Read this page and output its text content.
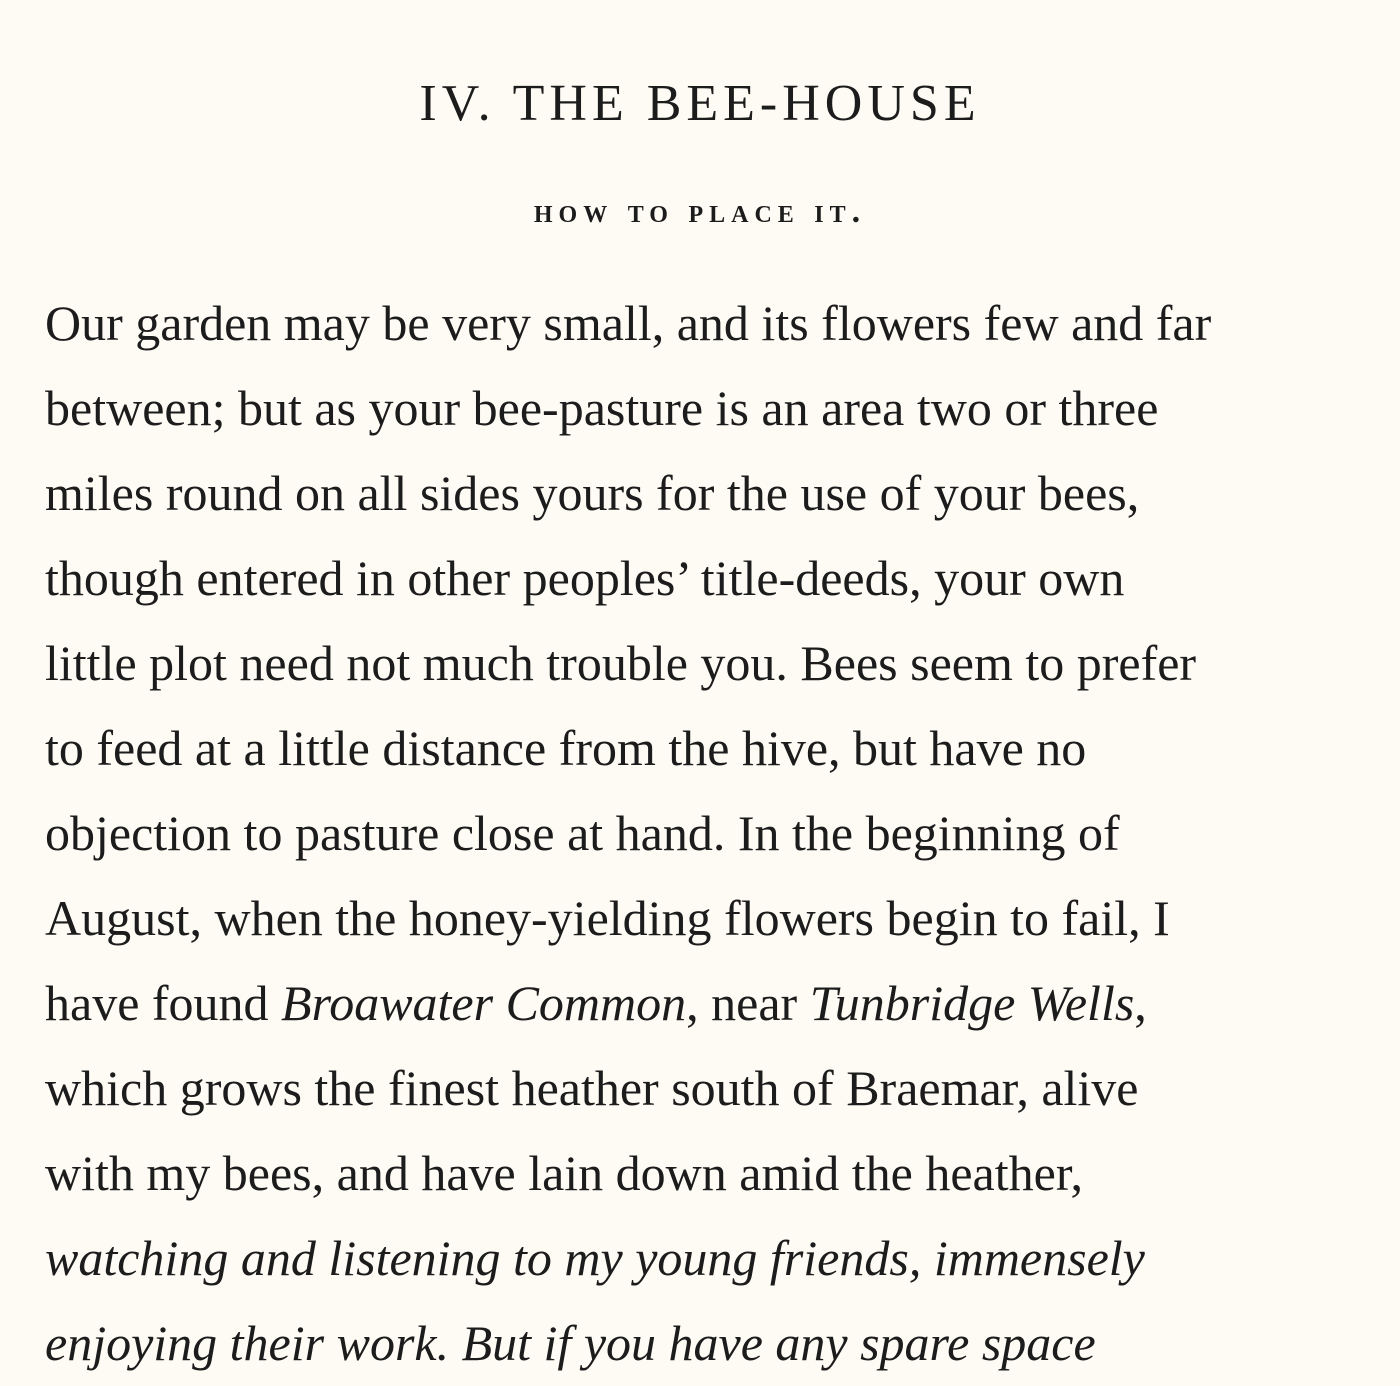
IV. THE BEE-HOUSE
how to place it.
Our garden may be very small, and its flowers few and far
between; but as your bee-pasture is an area two or three
miles round on all sides yours for the use of your bees,
though entered in other peoples’ title-deeds, your own
little plot need not much trouble you. Bees seem to prefer
to feed at a little distance from the hive, but have no
objection to pasture close at hand. In the beginning of
August, when the honey-yielding flowers begin to fail, I
have found Broawater Common, near Tunbridge Wells,
which grows the finest heather south of Braemar, alive
with my bees, and have lain down amid the heather,
watching and listening to my young friends, immensely
enjoying their work. But if you have any spare space
